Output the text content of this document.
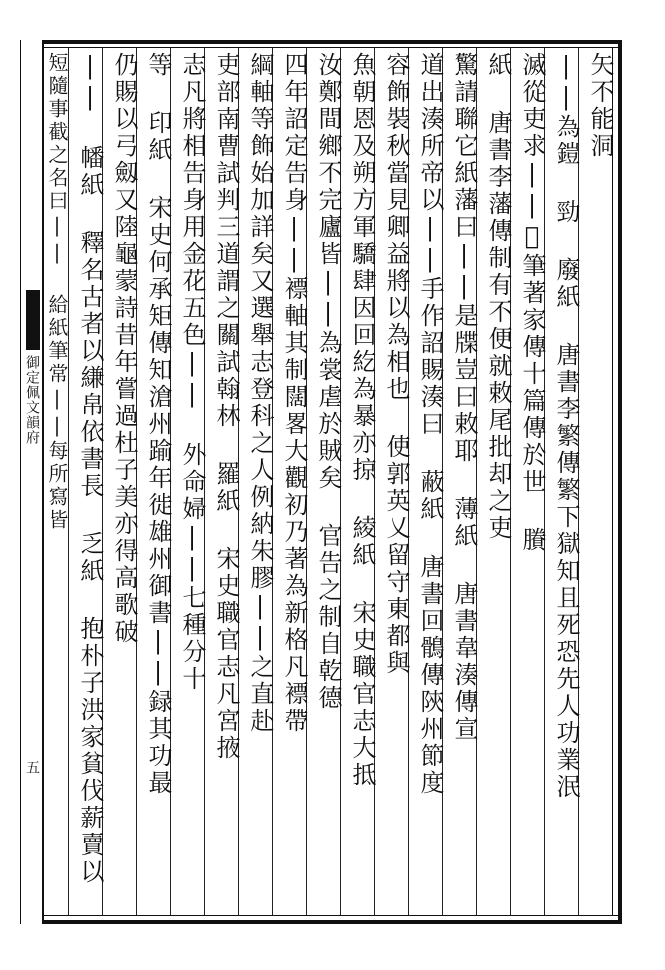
御定佩文韻府
五
矢不能洞
||為鎧 勁 廢紙 唐書李繁傳繁下獄知且死恐先人功業泯
滅從吏求||𢧐筆著家傳十篇傳於世 賸
紙 唐書李藩傳制有不便就敕尾批却之吏
驚請聯它紙藩曰||是牒豈曰敕耶 薄紙 唐書韋湊傳宣
道出湊所帝以||手作詔賜湊曰 蔽紙 唐書回鶻傳陝州節度
容飾裝秋當見卿益將以為相也 使郭英乂留守東都與
魚朝恩及朔方軍驕肆因回紇為暴亦掠 綾紙 宋史職官志大抵
汝鄭間鄉不完廬皆||為裳虐於賊矣 官告之制自乾德
四年詔定告身||褾軸其制闊畧大觀初乃著為新格凡褾帶
綱軸等飾始加詳矣又選舉志登科之人例納朱膠||之直赴
吏部南曹試判三道謂之關試翰林 羅紙 宋史職官志凡宮掖
志凡將相告身用金花五色|| 外命婦||七種分十
等 印紙 宋史何承矩傳知滄州踰年徙雄州御書||録其功最
仍賜以弓劔又陸龜蒙詩昔年嘗過杜子美亦得高歌破
|| 幡紙 釋名古者以縑帛依書長 乏紙 抱朴子洪家貧伐薪賣以
短隨事截之名曰|| 給紙筆常||每所寫皆
